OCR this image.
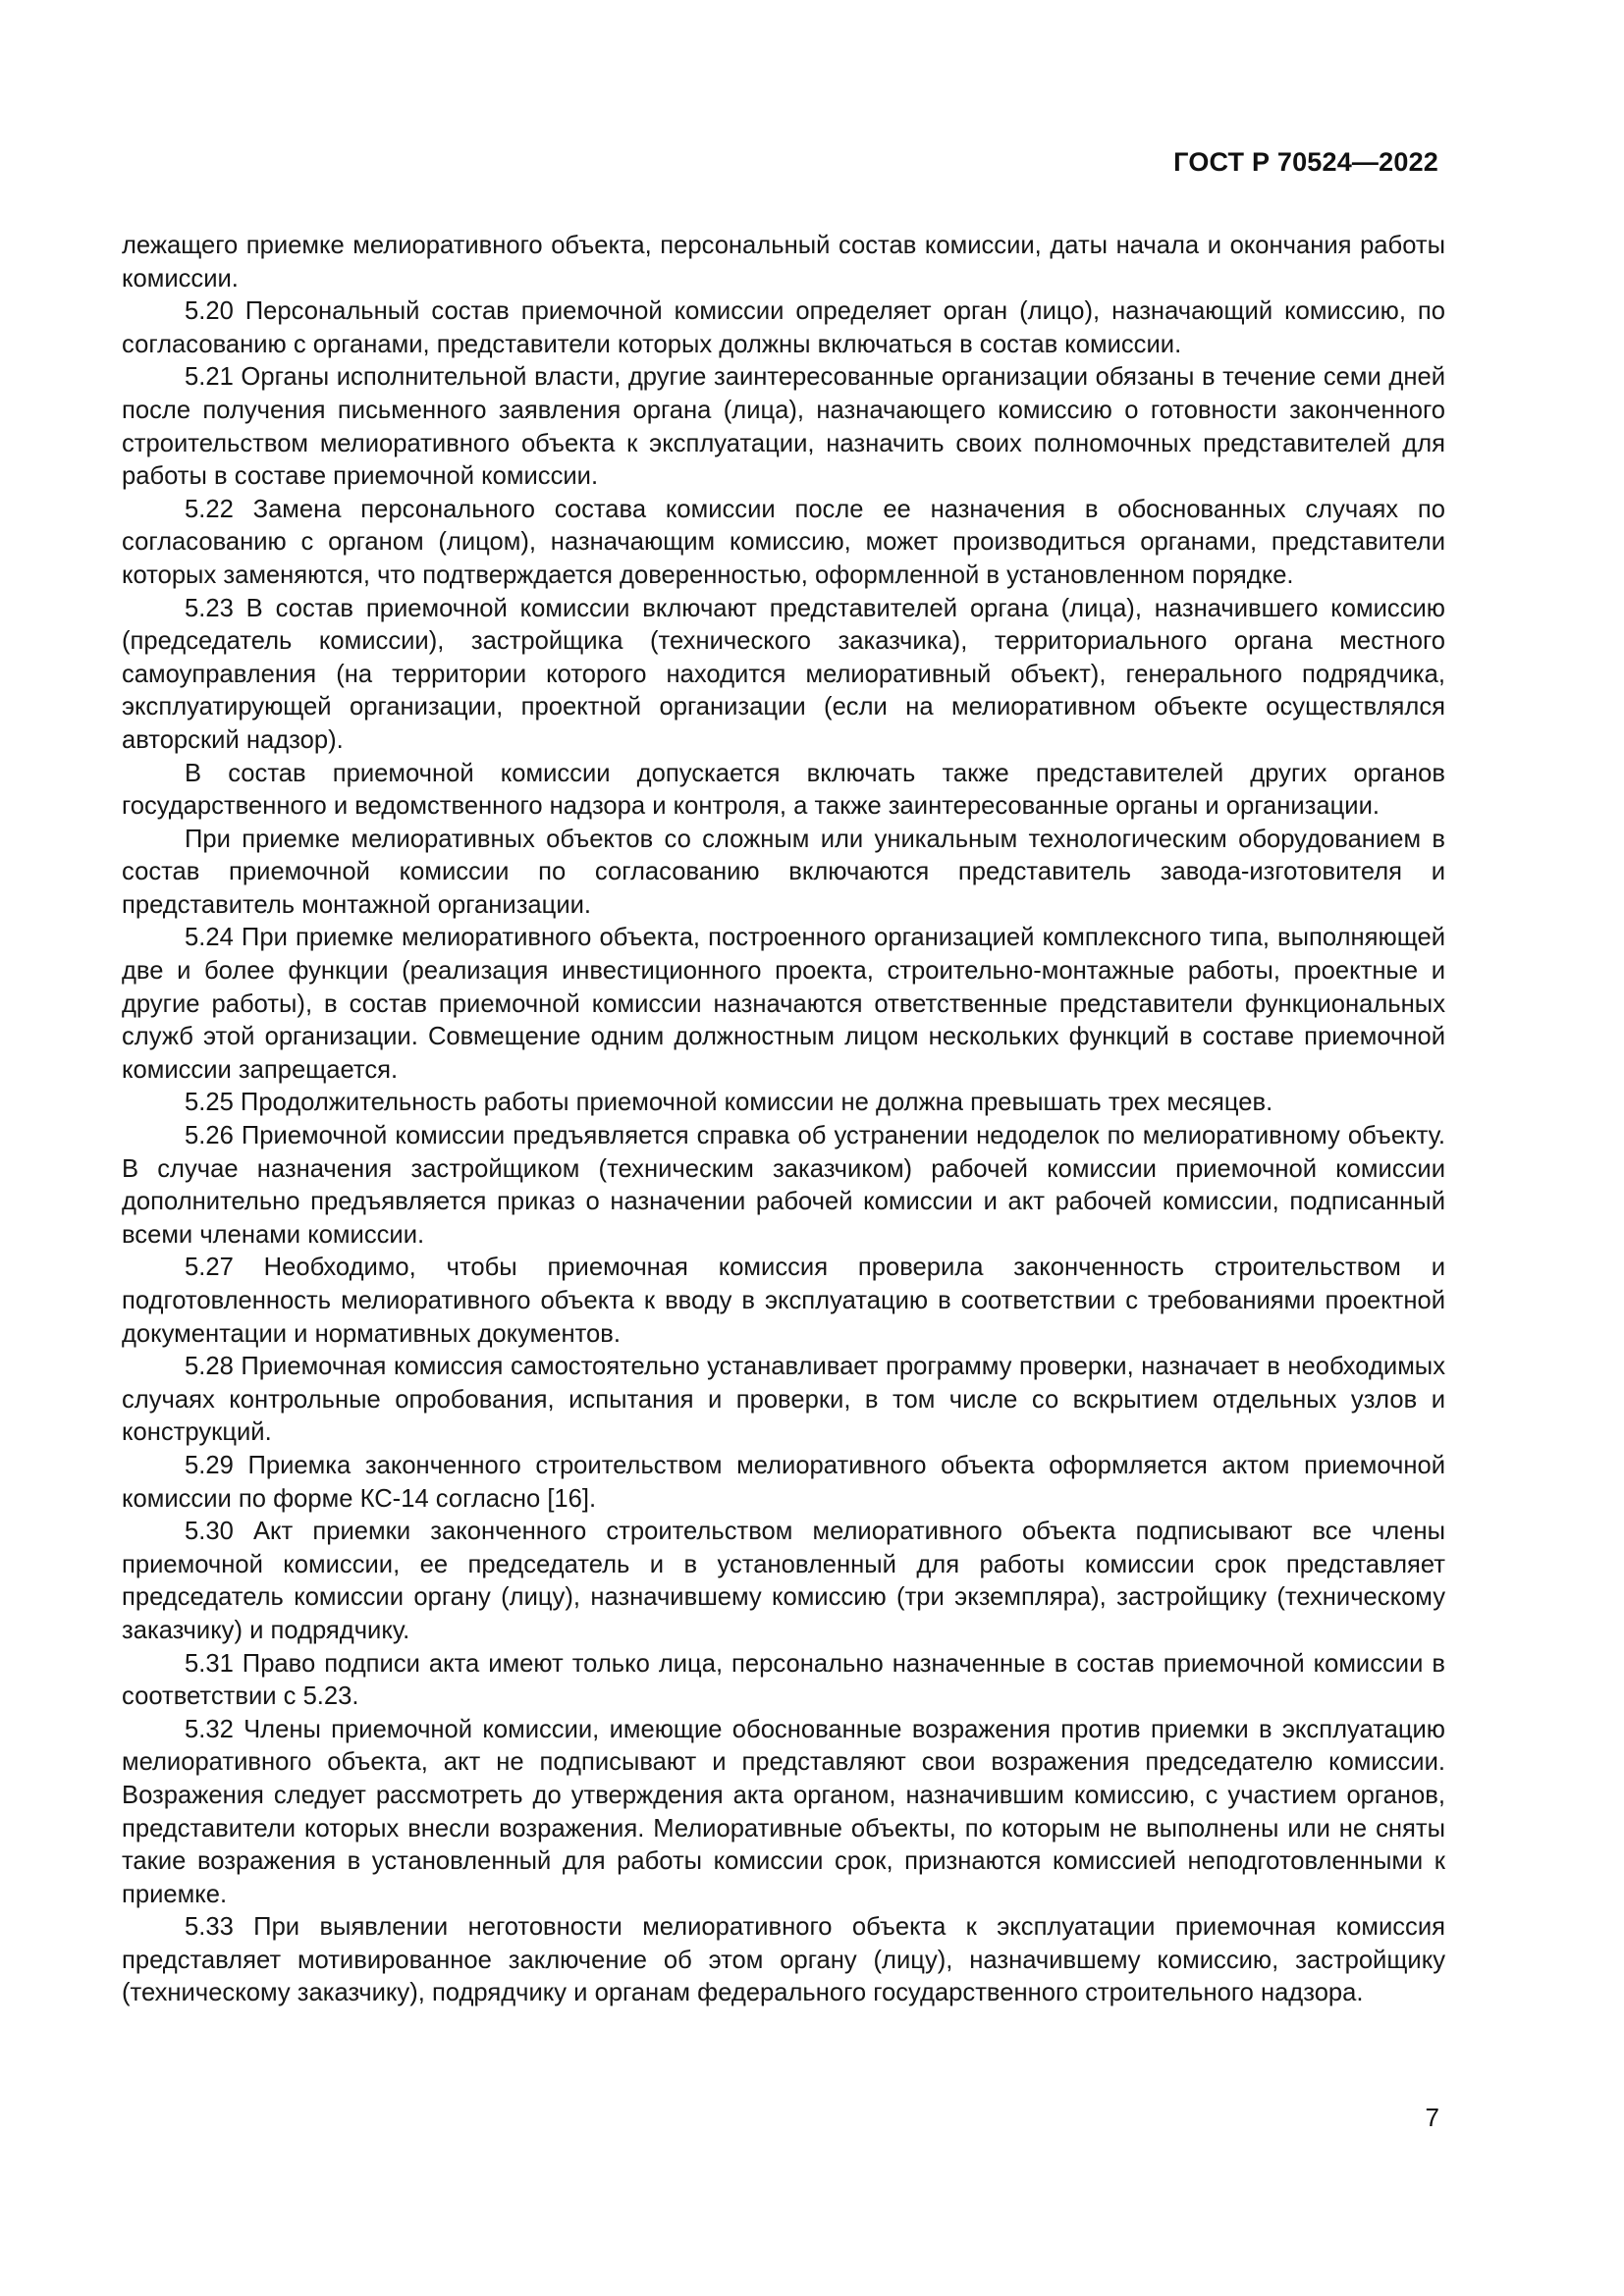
ГОСТ Р 70524—2022

лежащего приемке мелиоративного объекта, персональный состав комиссии, даты начала и окончания работы комиссии.

5.20 Персональный состав приемочной комиссии определяет орган (лицо), назначающий комиссию, по согласованию с органами, представители которых должны включаться в состав комиссии.

5.21 Органы исполнительной власти, другие заинтересованные организации обязаны в течение семи дней после получения письменного заявления органа (лица), назначающего комиссию о готовности законченного строительством мелиоративного объекта к эксплуатации, назначить своих полномочных представителей для работы в составе приемочной комиссии.

5.22 Замена персонального состава комиссии после ее назначения в обоснованных случаях по согласованию с органом (лицом), назначающим комиссию, может производиться органами, представители которых заменяются, что подтверждается доверенностью, оформленной в установленном порядке.

5.23 В состав приемочной комиссии включают представителей органа (лица), назначившего комиссию (председатель комиссии), застройщика (технического заказчика), территориального органа местного самоуправления (на территории которого находится мелиоративный объект), генерального подрядчика, эксплуатирующей организации, проектной организации (если на мелиоративном объекте осуществлялся авторский надзор).

В состав приемочной комиссии допускается включать также представителей других органов государственного и ведомственного надзора и контроля, а также заинтересованные органы и организации.

При приемке мелиоративных объектов со сложным или уникальным технологическим оборудованием в состав приемочной комиссии по согласованию включаются представитель завода-изготовителя и представитель монтажной организации.

5.24 При приемке мелиоративного объекта, построенного организацией комплексного типа, выполняющей две и более функции (реализация инвестиционного проекта, строительно-монтажные работы, проектные и другие работы), в состав приемочной комиссии назначаются ответственные представители функциональных служб этой организации. Совмещение одним должностным лицом нескольких функций в составе приемочной комиссии запрещается.

5.25 Продолжительность работы приемочной комиссии не должна превышать трех месяцев.

5.26 Приемочной комиссии предъявляется справка об устранении недоделок по мелиоративному объекту. В случае назначения застройщиком (техническим заказчиком) рабочей комиссии приемочной комиссии дополнительно предъявляется приказ о назначении рабочей комиссии и акт рабочей комиссии, подписанный всеми членами комиссии.

5.27 Необходимо, чтобы приемочная комиссия проверила законченность строительством и подготовленность мелиоративного объекта к вводу в эксплуатацию в соответствии с требованиями проектной документации и нормативных документов.

5.28 Приемочная комиссия самостоятельно устанавливает программу проверки, назначает в необходимых случаях контрольные опробования, испытания и проверки, в том числе со вскрытием отдельных узлов и конструкций.

5.29 Приемка законченного строительством мелиоративного объекта оформляется актом приемочной комиссии по форме КС-14 согласно [16].

5.30 Акт приемки законченного строительством мелиоративного объекта подписывают все члены приемочной комиссии, ее председатель и в установленный для работы комиссии срок представляет председатель комиссии органу (лицу), назначившему комиссию (три экземпляра), застройщику (техническому заказчику) и подрядчику.

5.31 Право подписи акта имеют только лица, персонально назначенные в состав приемочной комиссии в соответствии с 5.23.

5.32 Члены приемочной комиссии, имеющие обоснованные возражения против приемки в эксплуатацию мелиоративного объекта, акт не подписывают и представляют свои возражения председателю комиссии. Возражения следует рассмотреть до утверждения акта органом, назначившим комиссию, с участием органов, представители которых внесли возражения. Мелиоративные объекты, по которым не выполнены или не сняты такие возражения в установленный для работы комиссии срок, признаются комиссией неподготовленными к приемке.

5.33 При выявлении неготовности мелиоративного объекта к эксплуатации приемочная комиссия представляет мотивированное заключение об этом органу (лицу), назначившему комиссию, застройщику (техническому заказчику), подрядчику и органам федерального государственного строительного надзора.

7
